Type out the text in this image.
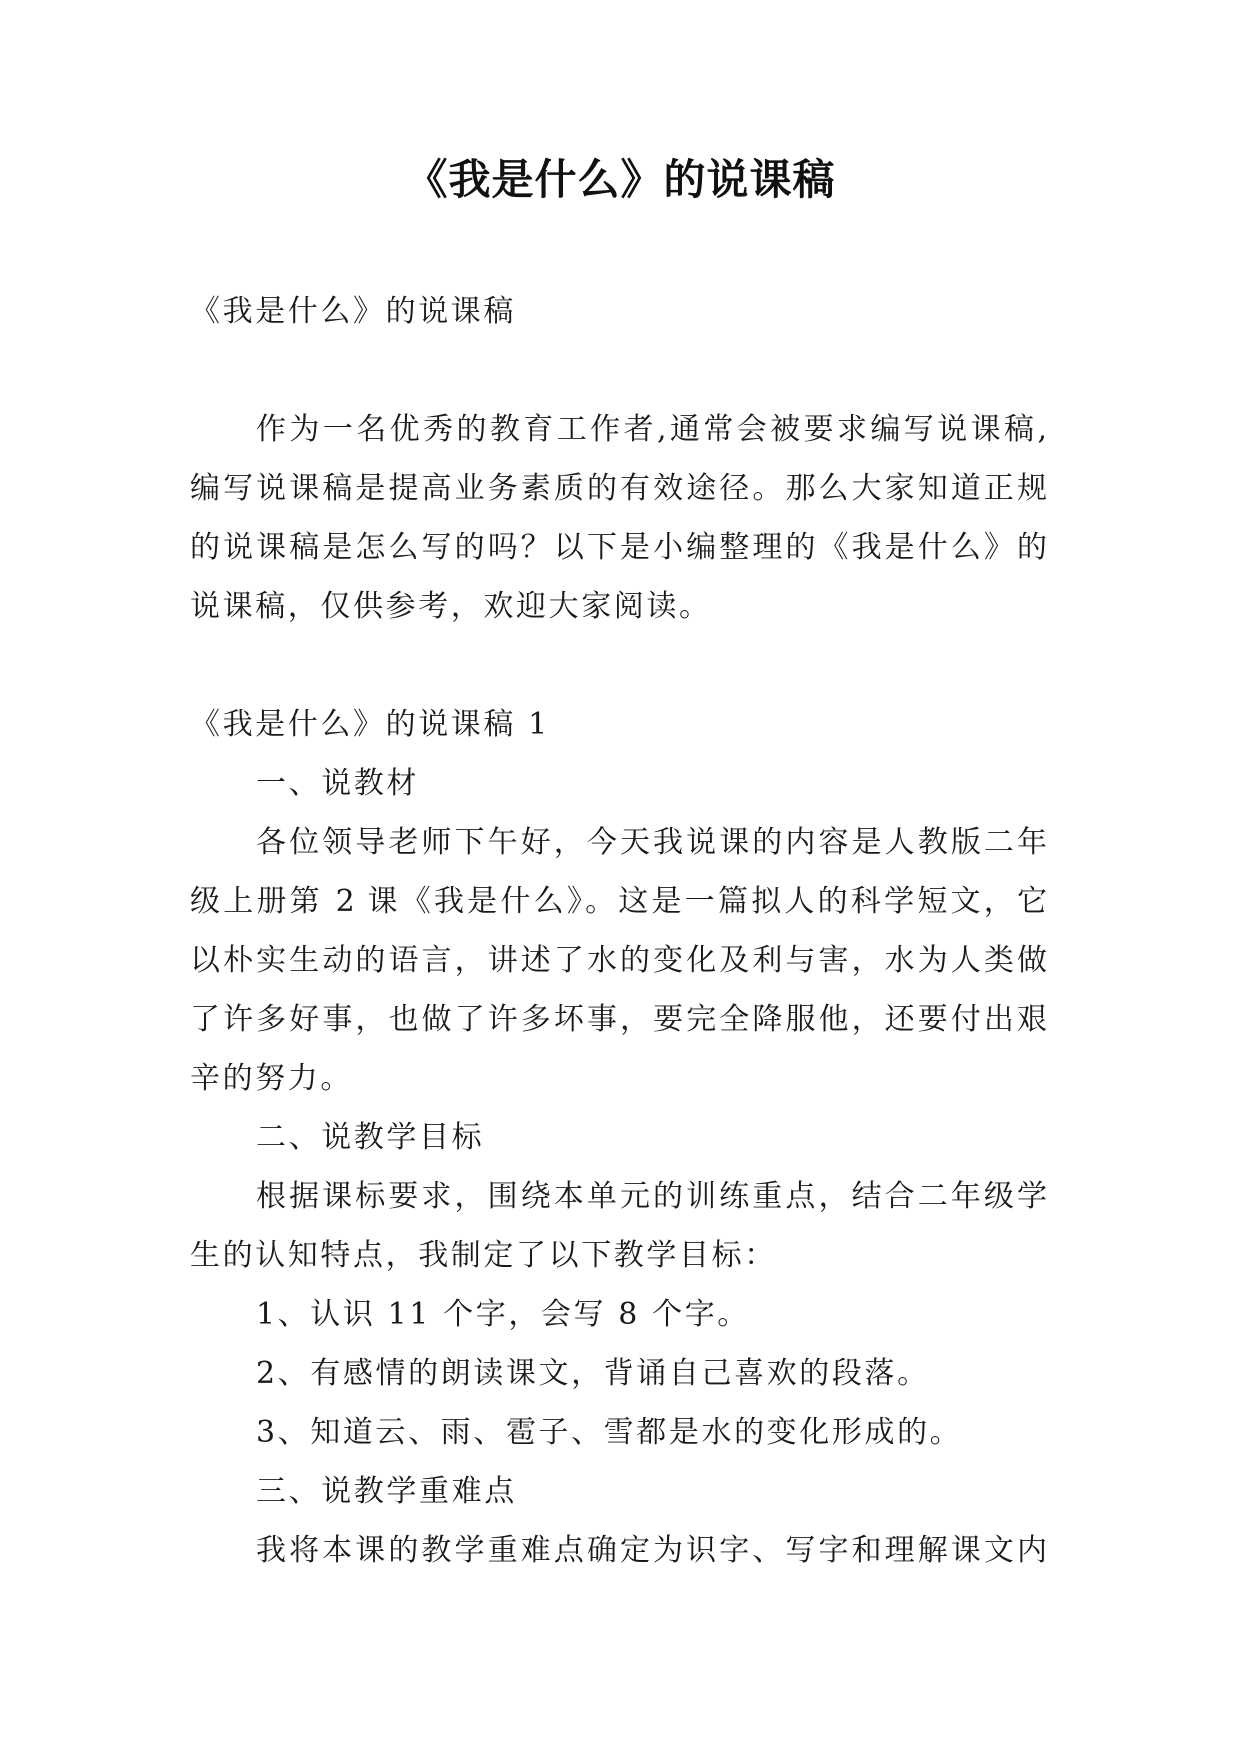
《我是什么》的说课稿
《我是什么》的说课稿
作为一名优秀的教育工作者,通常会被要求编写说课稿,
编写说课稿是提高业务素质的有效途径。那么大家知道正规
的说课稿是怎么写的吗？以下是小编整理的《我是什么》的
说课稿，仅供参考，欢迎大家阅读。
《我是什么》的说课稿 1
一、说教材
各位领导老师下午好，今天我说课的内容是人教版二年
级上册第 2 课《我是什么》。这是一篇拟人的科学短文，它
以朴实生动的语言，讲述了水的变化及利与害，水为人类做
了许多好事，也做了许多坏事，要完全降服他，还要付出艰
辛的努力。
二、说教学目标
根据课标要求，围绕本单元的训练重点，结合二年级学
生的认知特点，我制定了以下教学目标：
1、认识 11 个字，会写 8 个字。
2、有感情的朗读课文，背诵自己喜欢的段落。
3、知道云、雨、雹子、雪都是水的变化形成的。
三、说教学重难点
我将本课的教学重难点确定为识字、写字和理解课文内
